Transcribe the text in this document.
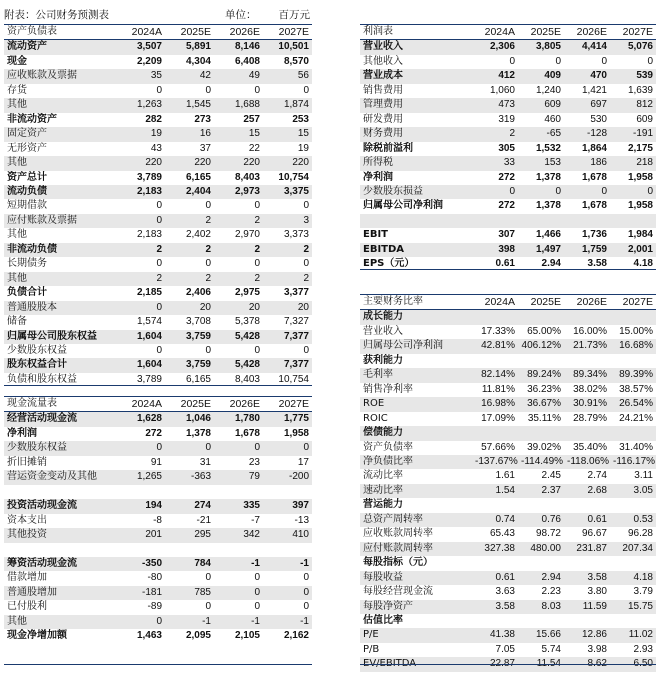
附表：公司财务预测表	单位： 百万元
资产负债表	2024A	2025E	2026E	2027E
流动资产	3,507	5,891	8,146	10,501
现金	2,209	4,304	6,408	8,570
应收账款及票据	35	42	49	56
存货	0	0	0	0
其他	1,263	1,545	1,688	1,874
非流动资产	282	273	257	253
固定资产	19	16	15	15
无形资产	43	37	22	19
其他	220	220	220	220
资产总计	3,789	6,165	8,403	10,754
流动负债	2,183	2,404	2,973	3,375
短期借款	0	0	0	0
应付账款及票据	0	2	2	3
其他	2,183	2,402	2,970	3,373
非流动负债	2	2	2	2
长期债务	0	0	0	0
其他	2	2	2	2
负债合计	2,185	2,406	2,975	3,377
普通股股本	0	20	20	20
储备	1,574	3,708	5,378	7,327
归属母公司股东权益	1,604	3,759	5,428	7,377
少数股东权益	0	0	0	0
股东权益合计	1,604	3,759	5,428	7,377
负债和股东权益	3,789	6,165	8,403	10,754
现金流量表	2024A	2025E	2026E	2027E
经营活动现金流	1,628	1,046	1,780	1,775
净利润	272	1,378	1,678	1,958
少数股东权益	0	0	0	0
折旧摊销	91	31	23	17
营运资金变动及其他	1,265	-363	79	-200

投资活动现金流	194	274	335	397
资本支出	-8	-21	-7	-13
其他投资	201	295	342	410

筹资活动现金流	-350	784	-1	-1
借款增加	-80	0	0	0
普通股增加	-181	785	0	0
已付股利	-89	0	0	0
其他	0	-1	-1	-1
现金净增加额	1,463	2,095	2,105	2,162
利润表	2024A	2025E	2026E	2027E
营业收入	2,306	3,805	4,414	5,076
其他收入	0	0	0	0
营业成本	412	409	470	539
销售费用	1,060	1,240	1,421	1,639
管理费用	473	609	697	812
研发费用	319	460	530	609
财务费用	2	-65	-128	-191
除税前溢利	305	1,532	1,864	2,175
所得税	33	153	186	218
净利润	272	1,378	1,678	1,958
少数股东损益	0	0	0	0
归属母公司净利润	272	1,378	1,678	1,958

EBIT	307	1,466	1,736	1,984
EBITDA	398	1,497	1,759	2,001
EPS（元）	0.61	2.94	3.58	4.18
主要财务比率	2024A	2025E	2026E	2027E
成长能力				
营业收入	17.33%	65.00%	16.00%	15.00%
归属母公司净利润	42.81%	406.12%	21.73%	16.68%
获利能力				
毛利率	82.14%	89.24%	89.34%	89.39%
销售净利率	11.81%	36.23%	38.02%	38.57%
ROE	16.98%	36.67%	30.91%	26.54%
ROIC	17.09%	35.11%	28.79%	24.21%
偿债能力				
资产负债率	57.66%	39.02%	35.40%	31.40%
净负债比率	-137.67%	-114.49%	-118.06%	-116.17%
流动比率	1.61	2.45	2.74	3.11
速动比率	1.54	2.37	2.68	3.05
营运能力				
总资产周转率	0.74	0.76	0.61	0.53
应收账款周转率	65.43	98.72	96.67	96.28
应付账款周转率	327.38	480.00	231.87	207.34
每股指标（元）				
每股收益	0.61	2.94	3.58	4.18
每股经营现金流	3.63	2.23	3.80	3.79
每股净资产	3.58	8.03	11.59	15.75
估值比率				
P/E	41.38	15.66	12.86	11.02
P/B	7.05	5.74	3.98	2.93
EV/EBITDA	22.87	11.54	8.62	6.50
